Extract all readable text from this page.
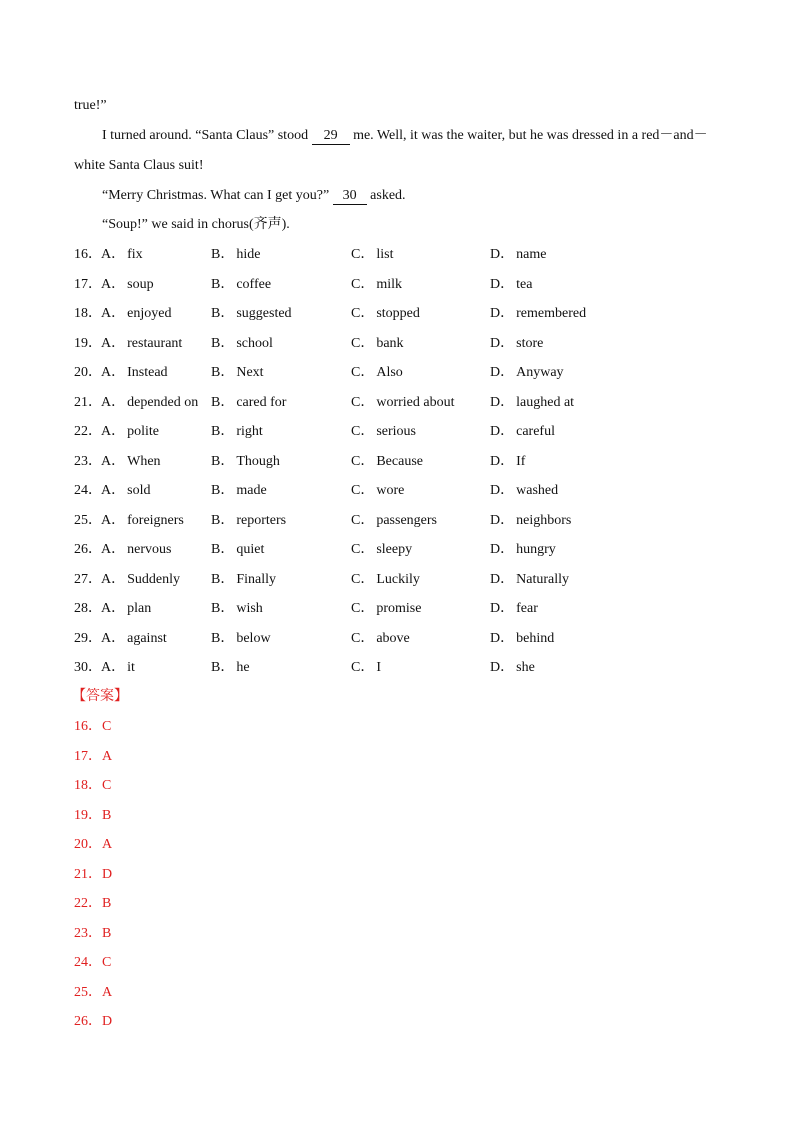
true!”
I turned around. “Santa Claus” stood 29 me. Well, it was the waiter, but he was dressed in a red－and－
white Santa Claus suit!
“Merry Christmas. What can I get you?” 30 asked.
“Soup!” we said in chorus(齐声).
16． A． fix	B． hide	C． list	D． name
17． A． soup	B． coffee	C． milk	D． tea
18． A． enjoyed	B． suggested	C． stopped	D． remembered
19． A． restaurant B． school	C． bank	D． store
20． A． Instead	B． Next	C． Also	D． Anyway
21． A． depended on B． cared for	C． worried about	D． laughed at
22． A． polite	B． right	C． serious	D． careful
23． A． When	B． Though	C． Because	D． If
24． A． sold	B． made	C． wore	D． washed
25． A． foreigners B． reporters	C． passengers	D． neighbors
26． A． nervous	B． quiet	C． sleepy	D． hungry
27． A． Suddenly B． Finally	C． Luckily	D． Naturally
28． A． plan	B． wish	C． promise	D． fear
29． A． against	B． below	C． above	D． behind
30． A． it	B． he	C． I	D． she
【答案】
16．C
17．A
18．C
19．B
20．A
21．D
22．B
23．B
24．C
25．A
26．D
